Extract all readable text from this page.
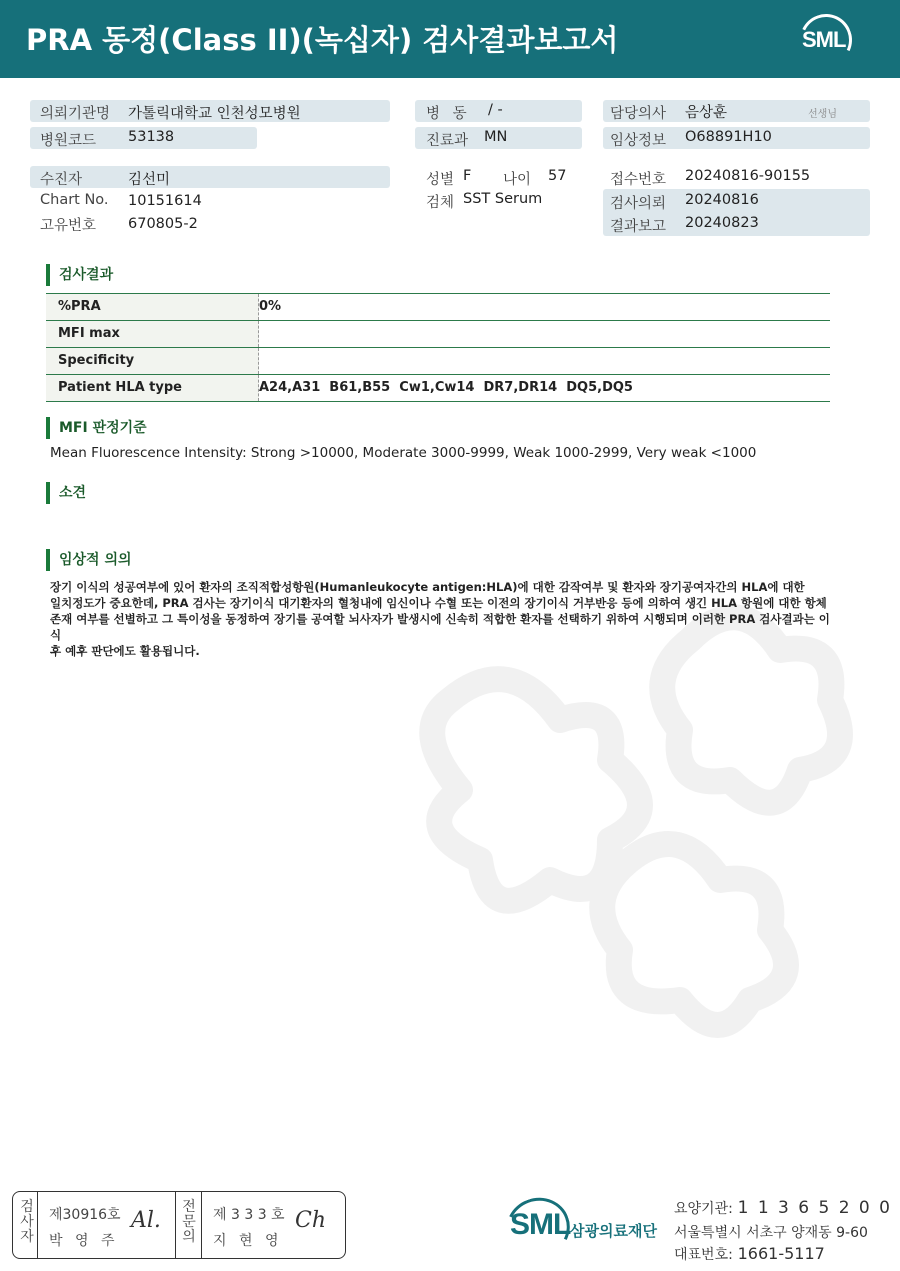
PRA 동정(Class II)(녹십자) 검사결과보고서	SML
의뢰기관명 가톨릭대학교 인천성모병원
병원코드 53138
수진자	김선미
Chart No. 10151614
고유번호 670805-2
병 동 / -
진료과 MN
성별 F 나이 57
검체 SST Serum
담당의사 음상훈	선생님
임상정보 O68891H10
접수번호 20240816-90155
검사의뢰 20240816
결과보고 20240823
검사결과
%PRA	0%
MFI max
Specificity
Patient HLA type	A24,A31  B61,B55  Cw1,Cw14  DR7,DR14  DQ5,DQ5
MFI 판정기준
Mean Fluorescence Intensity: Strong >10000, Moderate 3000-9999, Weak 1000-2999, Very weak <1000
소견
임상적 의의
장기 이식의 성공여부에 있어 환자의 조직적합성항원(Humanleukocyte antigen:HLA)에 대한 감작여부 및 환자와 장기공여자간의 HLA에 대한
일치정도가 중요한데, PRA 검사는 장기이식 대기환자의 혈청내에 임신이나 수혈 또는 이전의 장기이식 거부반응 등에 의하여 생긴 HLA 항원에 대한 항체
존재 여부를 선별하고 그 특이성을 동정하여 장기를 공여할 뇌사자가 발생시에 신속히 적합한 환자를 선택하기 위하여 시행되며 이러한 PRA 검사결과는 이식
후 예후 판단에도 활용됩니다.
검
사
자
제30916호
박 영 주
Al.
전
문
의
제 3 3 3 호
지 현 영
Ch	SML 삼광의료재단
요양기관: 1 1 3 6 5 2 0 0
서울특별시 서초구 양재동 9-60
대표번호: 1661-5117
